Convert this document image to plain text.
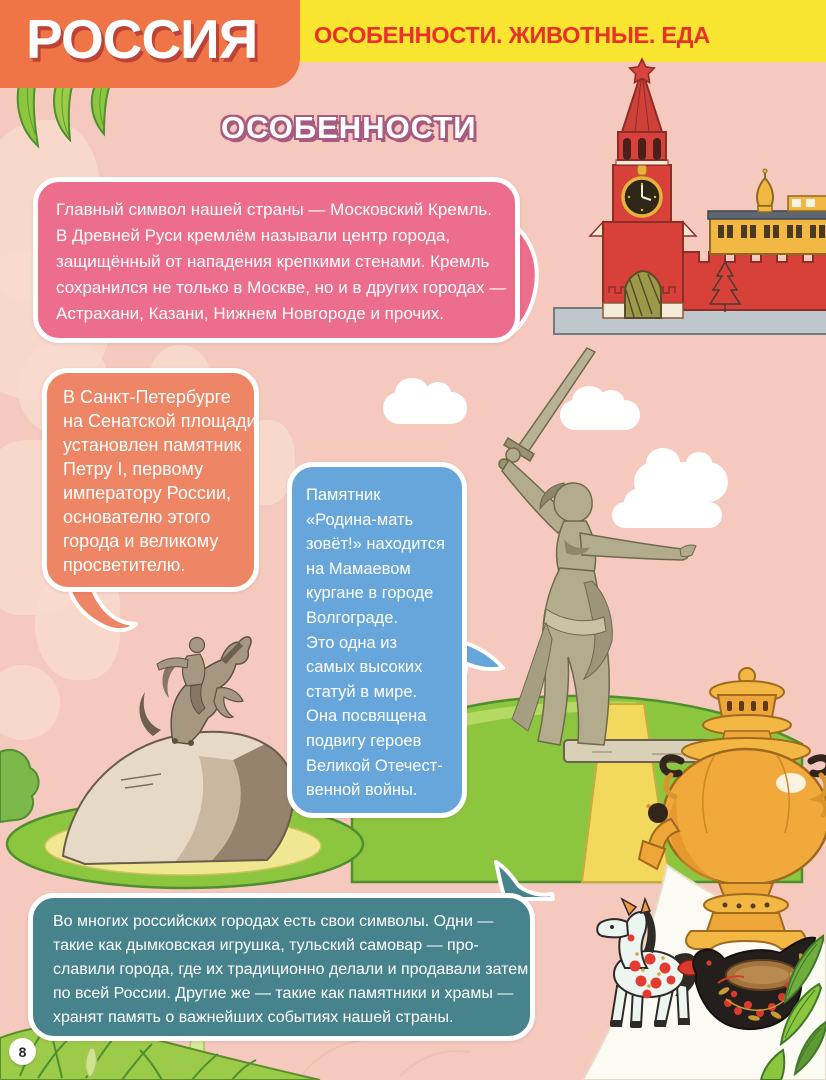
РОССИЯ ОСОБЕННОСТИ. ЖИВОТНЫЕ. ЕДА
ОСОБЕННОСТИ
Главный символ нашей страны — Московский Кремль.
В Древней Руси кремлём называли центр города,
защищённый от нападения крепкими стенами. Кремль
сохранился не только в Москве, но и в других городах —
Астрахани, Казани, Нижнем Новгороде и прочих.
В Санкт-Петербурге
на Сенатской площади
установлен памятник
Петру I, первому
императору России,
основателю этого
города и великому
просветителю.
Памятник
«Родина-мать
зовёт!» находится
на Мамаевом
кургане в городе
Волгограде.
Это одна из
самых высоких
статуй в мире.
Она посвящена
подвигу героев
Великой Отечест-
венной войны.
Во многих российских городах есть свои символы. Одни —
такие как дымковская игрушка, тульский самовар — про-
славили города, где их традиционно делали и продавали затем
по всей России. Другие же — такие как памятники и храмы —
хранят память о важнейших событиях нашей страны.
8
